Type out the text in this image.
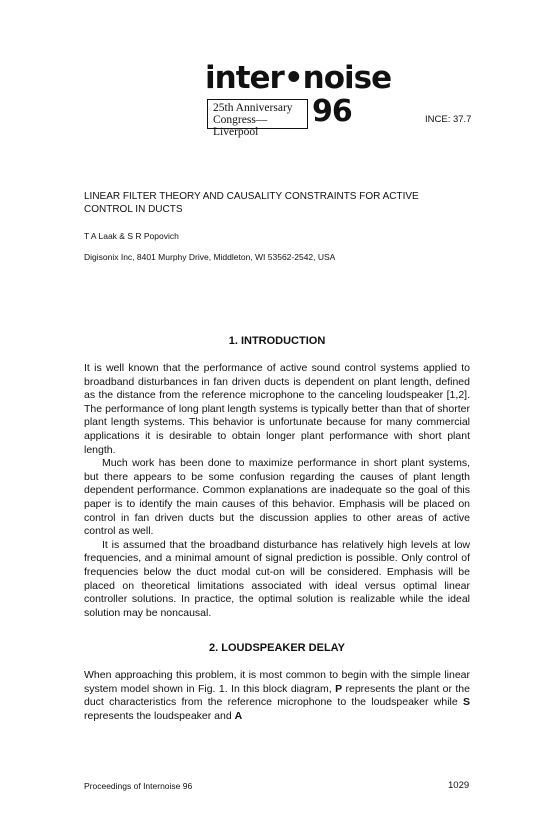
inter•noise
25th Anniversary
Congress—Liverpool
96	INCE: 37.7
LINEAR FILTER THEORY AND CAUSALITY CONSTRAINTS FOR ACTIVE
CONTROL IN DUCTS
T A Laak & S R Popovich
Digisonix Inc, 8401 Murphy Drive, Middleton, WI 53562-2542, USA
1. INTRODUCTION

It is well known that the performance of active sound control systems applied to broadband disturbances in fan driven ducts is dependent on plant length, defined as the distance from the reference microphone to the canceling loudspeaker [1,2]. The performance of long plant length systems is typically better than that of shorter plant length systems. This behavior is unfortunate because for many commercial applications it is desirable to obtain longer plant performance with short plant length.

Much work has been done to maximize performance in short plant systems, but there appears to be some confusion regarding the causes of plant length dependent performance. Common explanations are inadequate so the goal of this paper is to identify the main causes of this behavior. Emphasis will be placed on control in fan driven ducts but the discussion applies to other areas of active control as well.

It is assumed that the broadband disturbance has relatively high levels at low frequencies, and a minimal amount of signal prediction is possible. Only control of frequencies below the duct modal cut-on will be considered. Emphasis will be placed on theoretical limitations associated with ideal versus optimal linear controller solutions. In practice, the optimal solution is realizable while the ideal solution may be noncausal.

2. LOUDSPEAKER DELAY

When approaching this problem, it is most common to begin with the simple linear system model shown in Fig. 1. In this block diagram, P represents the plant or the duct characteristics from the reference microphone to the loudspeaker while S represents the loudspeaker and A

Proceedings of Internoise 96	1029
